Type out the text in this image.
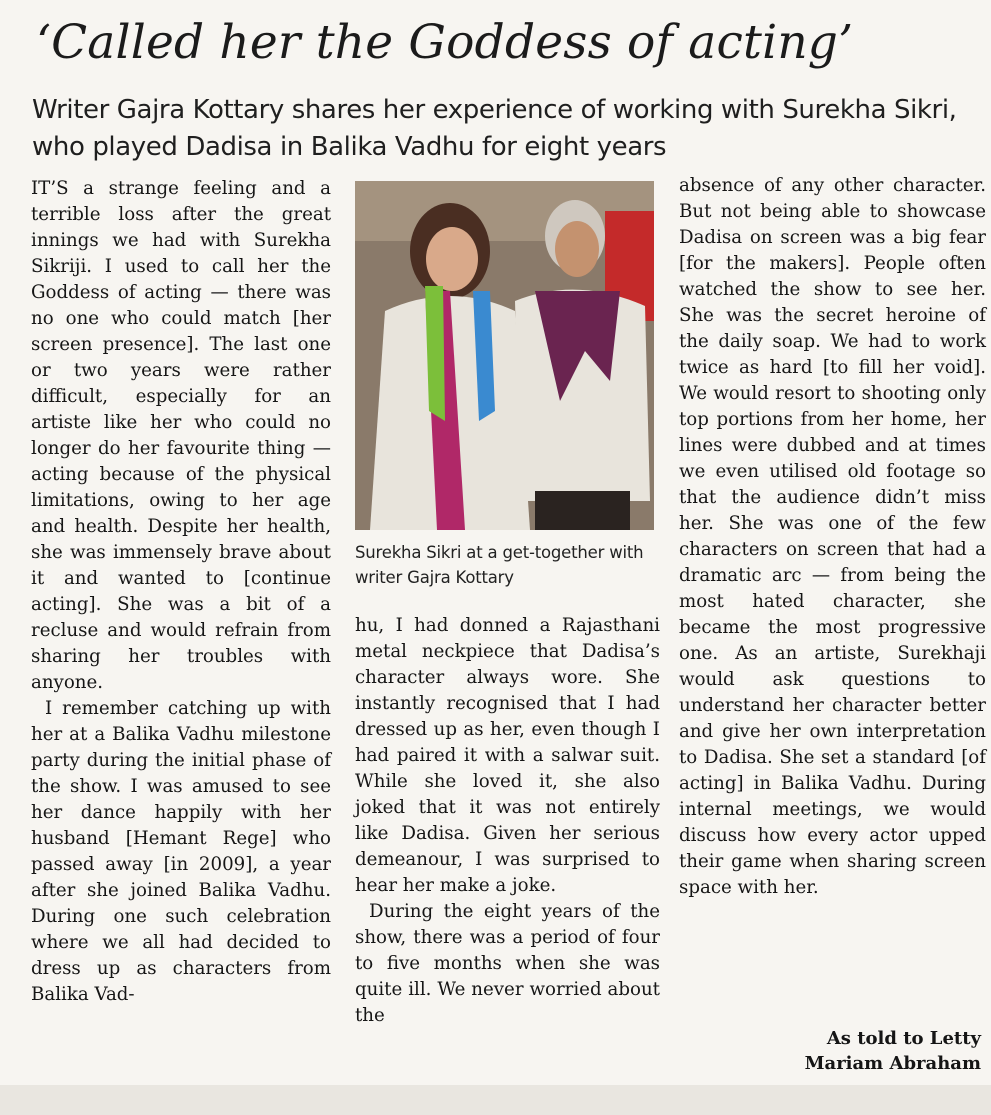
‘Called her the Goddess of acting’
Writer Gajra Kottary shares her experience of working with Surekha Sikri, who played Dadisa in Balika Vadhu for eight years

IT’S a strange feeling and a terrible loss after the great innings we had with Surekha Sikriji. I used to call her the Goddess of acting — there was no one who could match [her screen presence]. The last one or two years were rather difficult, especially for an artiste like her who could no longer do her favourite thing — acting because of the physical limitations, owing to her age and health. Despite her health, she was immensely brave about it and wanted to [continue acting]. She was a bit of a recluse and would refrain from sharing her troubles with anyone.

I remember catching up with her at a Balika Vadhu milestone party during the initial phase of the show. I was amused to see her dance happily with her husband [Hemant Rege] who passed away [in 2009], a year after she joined Balika Vadhu. During one such celebration where we all had decided to dress up as characters from Balika Vad-

Surekha Sikri at a get-together with writer Gajra Kottary

hu, I had donned a Rajasthani metal neckpiece that Dadisa’s character always wore. She instantly recognised that I had dressed up as her, even though I had paired it with a salwar suit. While she loved it, she also joked that it was not entirely like Dadisa. Given her serious demeanour, I was surprised to hear her make a joke.

During the eight years of the show, there was a period of four to five months when she was quite ill. We never worried about the

absence of any other character. But not being able to showcase Dadisa on screen was a big fear [for the makers]. People often watched the show to see her. She was the secret heroine of the daily soap. We had to work twice as hard [to fill her void]. We would resort to shooting only top portions from her home, her lines were dubbed and at times we even utilised old footage so that the audience didn’t miss her. She was one of the few characters on screen that had a dramatic arc — from being the most hated character, she became the most progressive one. As an artiste, Surekhaji would ask questions to understand her character better and give her own interpretation to Dadisa. She set a standard [of acting] in Balika Vadhu. During internal meetings, we would discuss how every actor upped their game when sharing screen space with her.

As told to Letty
Mariam Abraham
